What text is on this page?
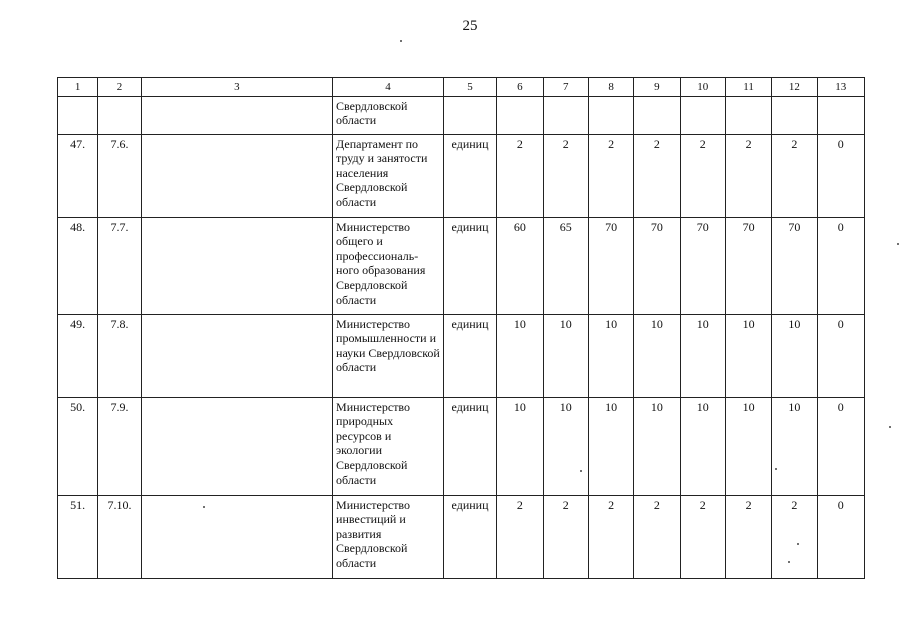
25
1	2	3	4	5	6	7	8	9	10	11	12	13
			Свердловской области									
47.	7.6.		Департамент по труду и занятости населения Свердловской области	единиц	2	2	2	2	2	2	2	0
48.	7.7.		Министерство общего и профессиональ-ного образования Свердловской области	единиц	60	65	70	70	70	70	70	0
49.	7.8.		Министерство промышленности и науки Свердловской области	единиц	10	10	10	10	10	10	10	0
50.	7.9.		Министерство природных ресурсов и экологии Свердловской области	единиц	10	10	10	10	10	10	10	0
51.	7.10.		Министерство инвестиций и развития Свердловской области	единиц	2	2	2	2	2	2	2	0
